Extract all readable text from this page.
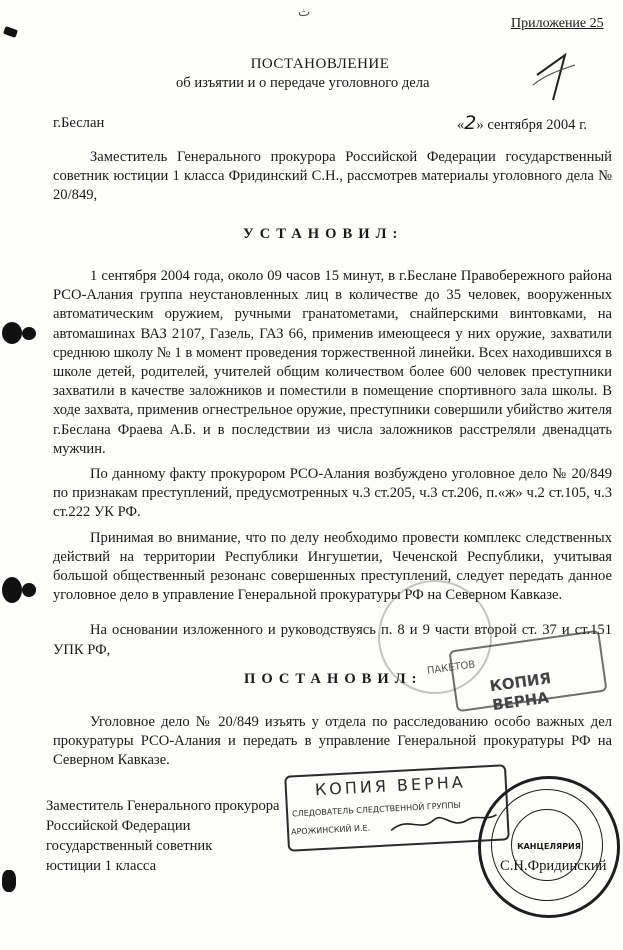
Приложение 25
ﺙ
ПОСТАНОВЛЕНИЕ
об изъятии и о передаче уголовного дела
г.Беслан	«2» сентября 2004 г.
Заместитель Генерального прокурора Российской Федерации государственный советник юстиции 1 класса Фридинский С.Н., рассмотрев материалы уголовного дела № 20/849,
УСТАНОВИЛ:
1 сентября 2004 года, около 09 часов 15 минут, в г.Беслане Правобережного района РСО-Алания группа неустановленных лиц в количестве до 35 человек, вооруженных автоматическим оружием, ручными гранатометами, снайперскими винтовками, на автомашинах ВАЗ 2107, Газель, ГАЗ 66, применив имеющееся у них оружие, захватили среднюю школу № 1 в момент проведения торжественной линейки. Всех находившихся в школе детей, родителей, учителей общим количеством более 600 человек преступники захватили в качестве заложников и поместили в помещение спортивного зала школы. В ходе захвата, применив огнестрельное оружие, преступники совершили убийство жителя г.Беслана Фраева А.Б. и в последствии из числа заложников расстреляли двенадцать мужчин.
По данному факту прокурором РСО-Алания возбуждено уголовное дело № 20/849 по признакам преступлений, предусмотренных ч.3 ст.205, ч.3 ст.206, п.«ж» ч.2 ст.105, ч.3 ст.222 УК РФ.
Принимая во внимание, что по делу необходимо провести комплекс следственных действий на территории Республики Ингушетии, Чеченской Республики, учитывая большой общественный резонанс совершенных преступлений, следует передать данное уголовное дело в управление Генеральной прокуратуры РФ на Северном Кавказе.
На основании изложенного и руководствуясь п. 8 и 9 части второй ст. 37 и ст.151 УПК РФ,
ПОСТАНОВИЛ:
Уголовное дело № 20/849 изъять у отдела по расследованию особо важных дел прокуратуры РСО-Алания и передать в управление Генеральной прокуратуры РФ на Северном Кавказе.
Заместитель Генерального прокурора
Российской Федерации
государственный советник
юстиции 1 класса	С.Н.Фридинский
ПАКЕТОВ
КОПИЯ ВЕРНА
КОПИЯ ВЕРНА
СЛЕДОВАТЕЛЬ СЛЕДСТВЕННОЙ ГРУППЫ
АРОЖИНСКИЙ И.Е.
КАНЦЕЛЯРИЯ
